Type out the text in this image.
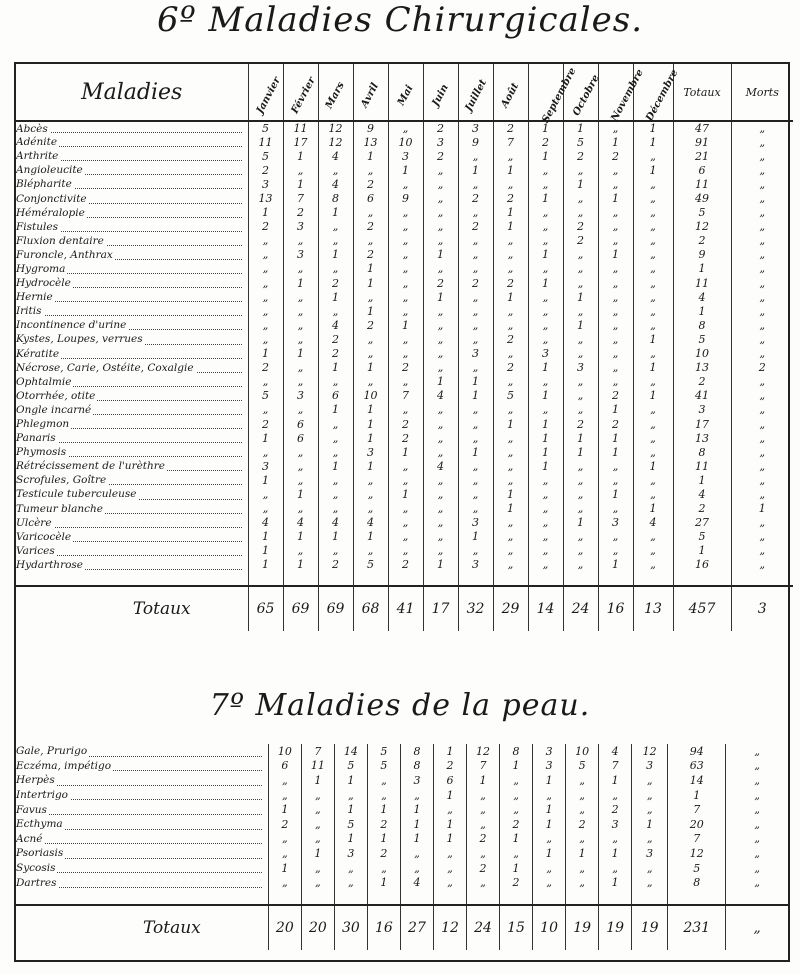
6º Maladies Chirurgicales.
Maladies	Janvier	Février	Mars	Avril	Mai	Juin	Juillet	Août	Septembre	Octobre	Novembre	Décembre	Totaux	Morts

Abcès	5	11	12	9	„	2	3	2	1	1	„	1	47	„

Adénite	11	17	12	13	10	3	9	7	2	5	1	1	91	„

Arthrite	5	1	4	1	3	2	„	„	1	2	2	„	21	„

Angioleucite	2	„	„	„	1	„	1	1	„	„	„	1	6	„

Blépharite	3	1	4	2	„	„	„	„	„	1	„	„	11	„

Conjonctivite	13	7	8	6	9	„	2	2	1	„	1	„	49	„

Héméralopie	1	2	1	„	„	„	„	1	„	„	„	„	5	„

Fistules	2	3	„	2	„	„	2	1	„	2	„	„	12	„

Fluxion dentaire	„	„	„	„	„	„	„	„	„	2	„	„	2	„

Furoncle, Anthrax	„	3	1	2	„	1	„	„	1	„	1	„	9	„

Hygroma	„	„	„	1	„	„	„	„	„	„	„	„	1	„

Hydrocèle	„	1	2	1	„	2	2	2	1	„	„	„	11	„

Hernie	„	„	1	„	„	1	„	1	„	1	„	„	4	„

Iritis	„	„	„	1	„	„	„	„	„	„	„	„	1	„

Incontinence d'urine	„	„	4	2	1	„	„	„	„	1	„	„	8	„

Kystes, Loupes, verrues	„	„	2	„	„	„	„	2	„	„	„	1	5	„

Kératite	1	1	2	„	„	„	3	„	3	„	„	„	10	„

Nécrose, Carie, Ostéite, Coxalgie	2	„	1	1	2	„	„	2	1	3	„	1	13	2

Ophtalmie	„	„	„	„	„	1	1	„	„	„	„	„	2	„

Otorrhée, otite	5	3	6	10	7	4	1	5	1	„	2	1	41	„

Ongle incarné	„	„	1	1	„	„	„	„	„	„	1	„	3	„

Phlegmon	2	6	„	1	2	„	„	1	1	2	2	„	17	„

Panaris	1	6	„	1	2	„	„	„	1	1	1	„	13	„

Phymosis	„	„	„	3	1	„	1	„	1	1	1	„	8	„

Rétrécissement de l'urèthre	3	„	1	1	„	4	„	„	1	„	„	1	11	„

Scrofules, Goître	1	„	„	„	„	„	„	„	„	„	„	„	1	„

Testicule tuberculeuse	„	1	„	„	1	„	„	1	„	„	1	„	4	„

Tumeur blanche	„	„	„	„	„	„	„	1	„	„	„	1	2	1

Ulcère	4	4	4	4	„	„	3	„	„	1	3	4	27	„

Varicocèle	1	1	1	1	„	„	1	„	„	„	„	„	5	„

Varices	1	„	„	„	„	„	„	„	„	„	„	„	1	„

Hydarthrose	1	1	2	5	2	1	3	„	„	„	1	„	16	„

Totaux	65	69	69	68	41	17	32	29	14	24	16	13	457	3
7º Maladies de la peau.
Gale, Prurigo	10	7	14	5	8	1	12	8	3	10	4	12	94	„

Eczéma, impétigo	6	11	5	5	8	2	7	1	3	5	7	3	63	„

Herpès	„	1	1	„	3	6	1	„	1	„	1	„	14	„

Intertrigo	„	„	„	„	„	1	„	„	„	„	„	„	1	„

Favus	1	„	1	1	1	„	„	„	1	„	2	„	7	„

Ecthyma	2	„	5	2	1	1	„	2	1	2	3	1	20	„

Acné	„	„	1	1	1	1	2	1	„	„	„	„	7	„

Psoriasis	„	1	3	2	„	„	„	„	1	1	1	3	12	„

Sycosis	1	„	„	„	„	„	2	1	„	„	„	„	5	„

Dartres	„	„	„	1	4	„	„	2	„	„	1	„	8	„

Totaux	20	20	30	16	27	12	24	15	10	19	19	19	231	„
